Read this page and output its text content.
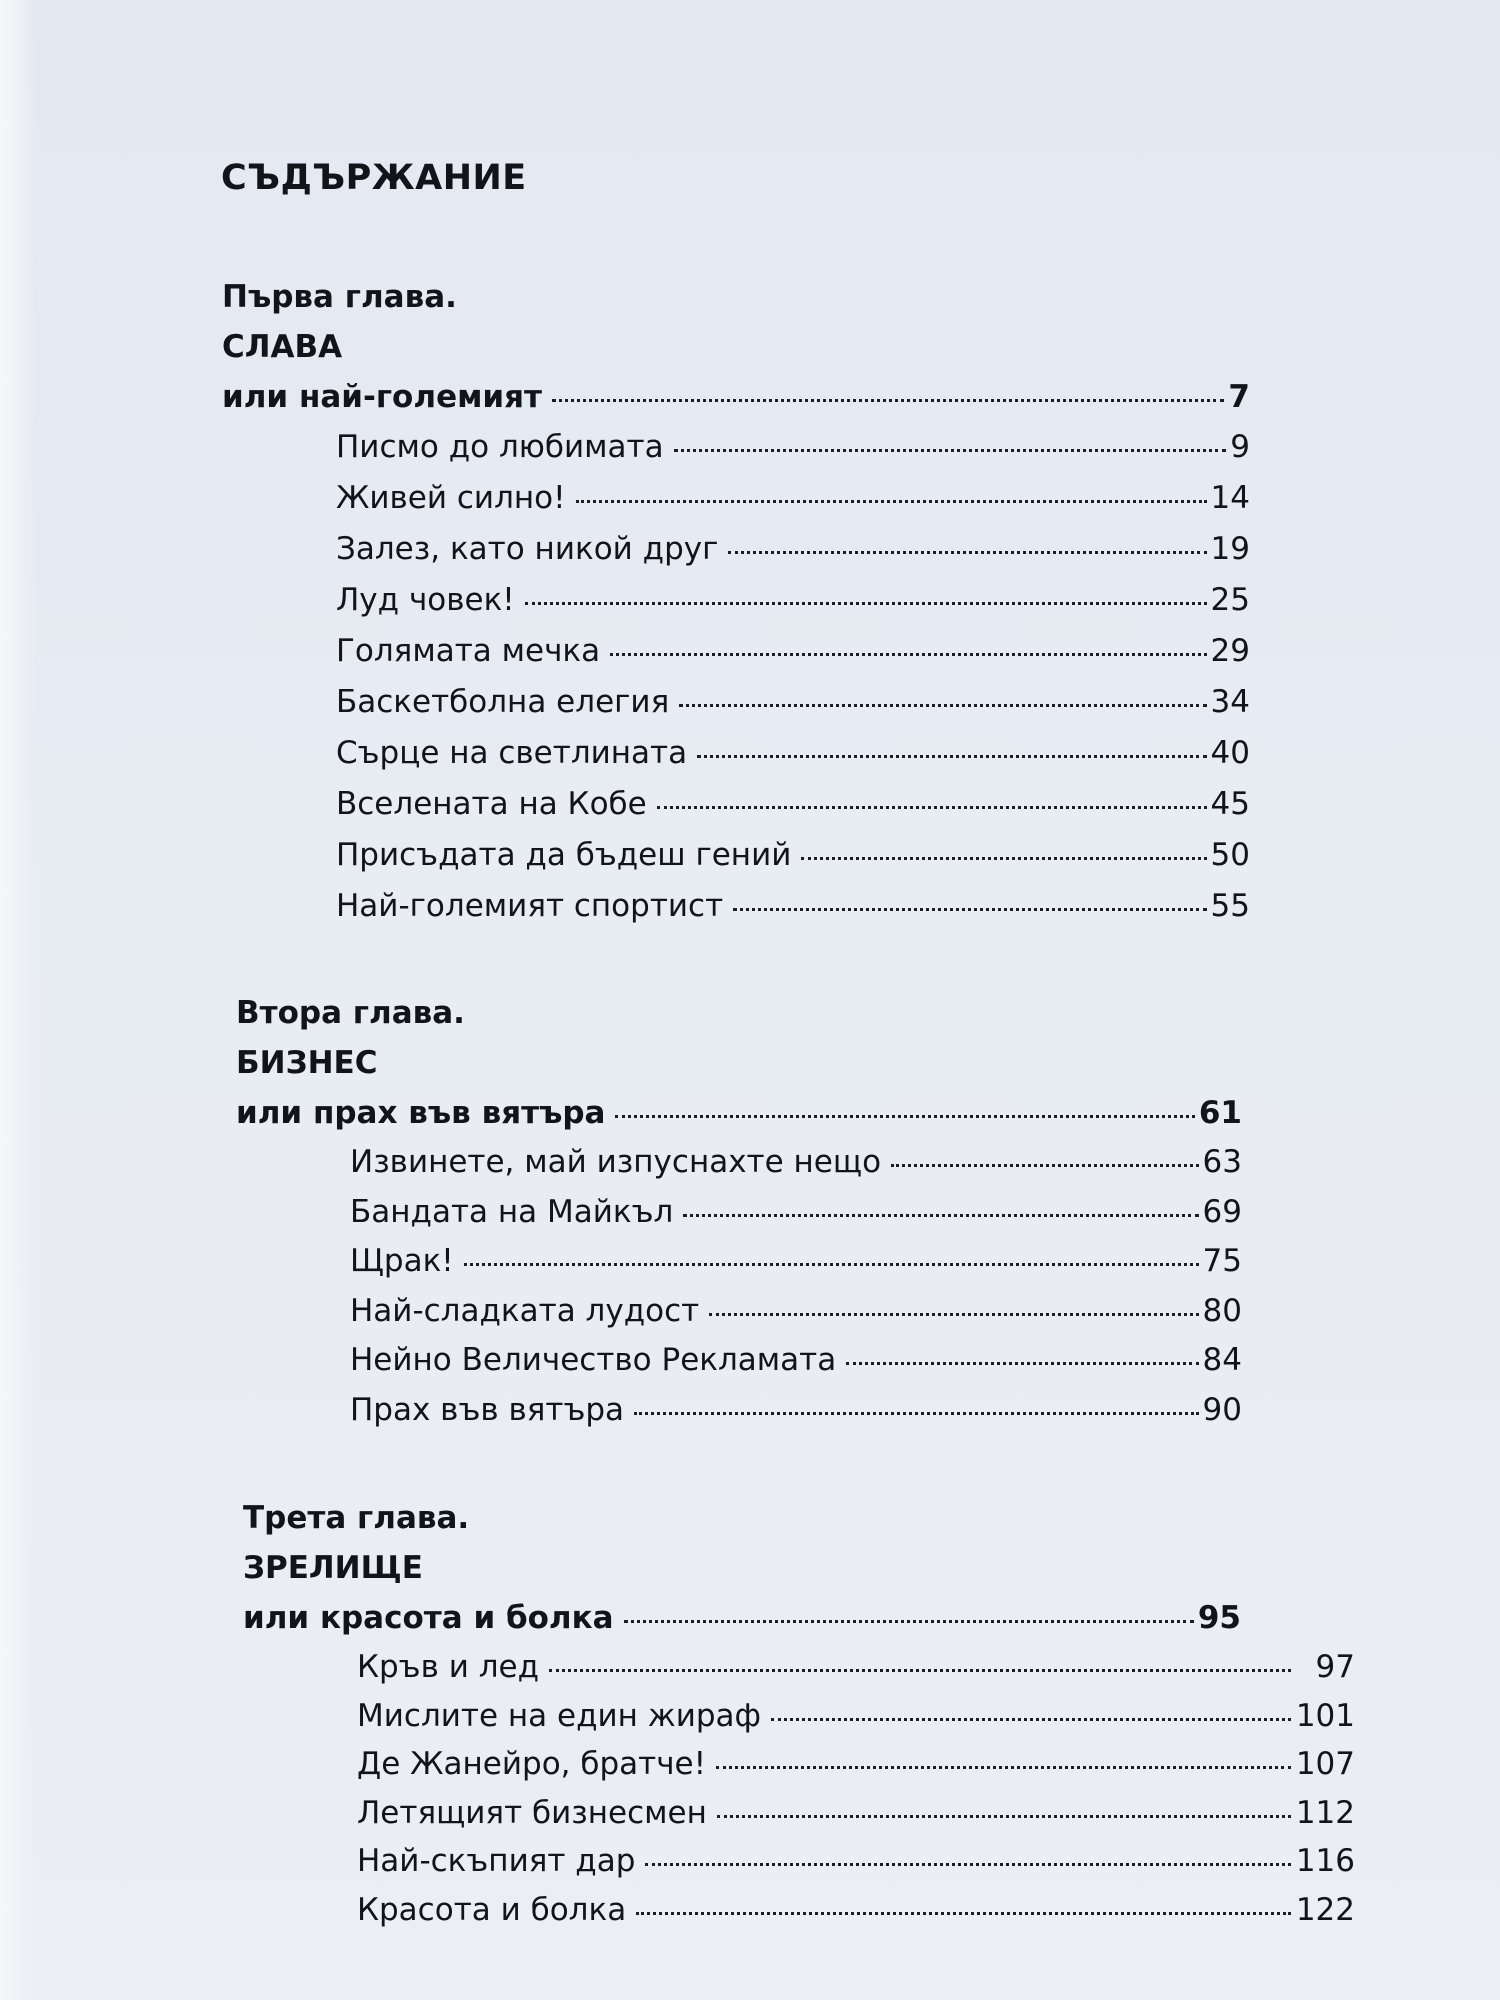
СЪДЪРЖАНИЕ
Първа глава.
СЛАВА
или най-големият	7
Писмо до любимата	9
Живей силно!	14
Залез, като никой друг	19
Луд човек!	25
Голямата мечка	29
Баскетболна елегия	34
Сърце на светлината	40
Вселената на Кобе	45
Присъдата да бъдеш гений	50
Най-големият спортист	55
Втора глава.
БИЗНЕС
или прах във вятъра	61
Извинете, май изпуснахте нещо	63
Бандата на Майкъл	69
Щрак!	75
Най-сладката лудост	80
Нейно Величество Рекламата	84
Прах във вятъра	90
Трета глава.
ЗРЕЛИЩЕ
или красота и болка	95
Кръв и лед	97
Мислите на един жираф	101
Де Жанейро, братче!	107
Летящият бизнесмен	112
Най-скъпият дар	116
Красота и болка	122
